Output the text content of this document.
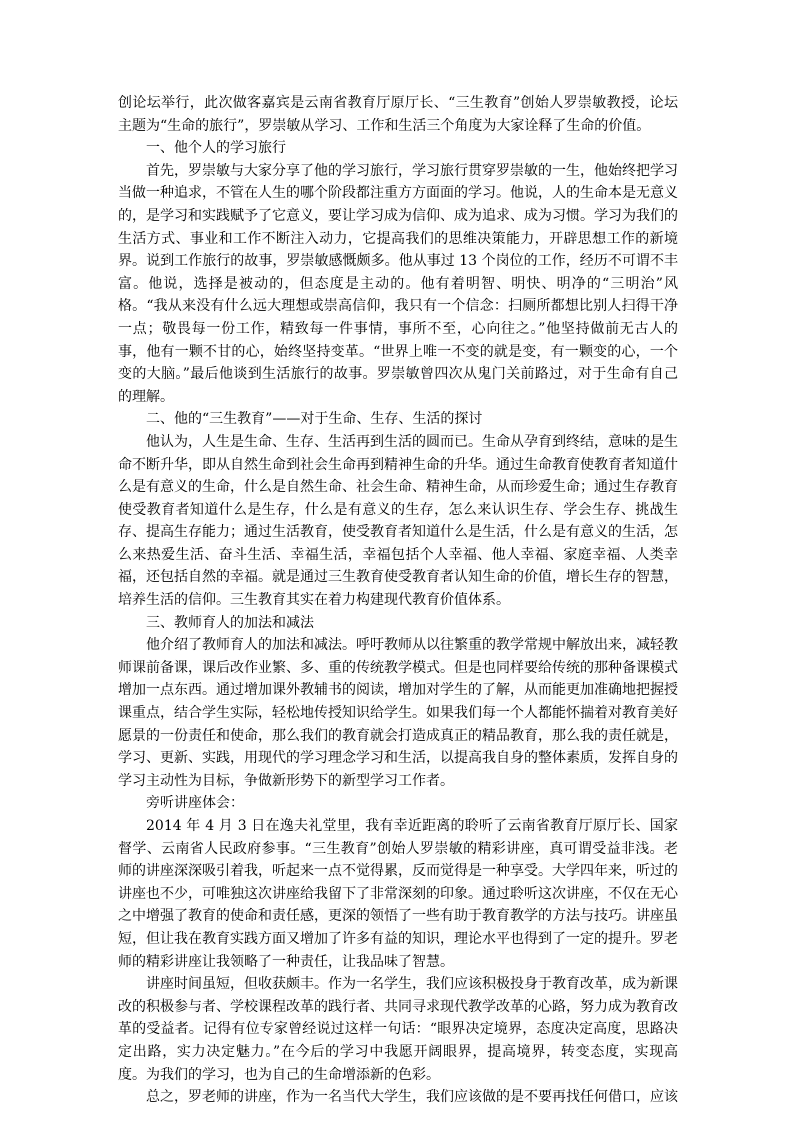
创论坛举行，此次做客嘉宾是云南省教育厅原厅长、“三生教育”创始人罗崇敏教授，论坛主题为“生命的旅行”，罗崇敏从学习、工作和生活三个角度为大家诠释了生命的价值。

一、他个人的学习旅行

首先，罗崇敏与大家分享了他的学习旅行，学习旅行贯穿罗崇敏的一生，他始终把学习当做一种追求，不管在人生的哪个阶段都注重方方面面的学习。他说，人的生命本是无意义的，是学习和实践赋予了它意义，要让学习成为信仰、成为追求、成为习惯。学习为我们的生活方式、事业和工作不断注入动力，它提高我们的思维决策能力，开辟思想工作的新境界。说到工作旅行的故事，罗崇敏感慨颇多。他从事过 13 个岗位的工作，经历不可谓不丰富。他说，选择是被动的，但态度是主动的。他有着明智、明快、明净的“三明治”风格。“我从来没有什么远大理想或崇高信仰，我只有一个信念：扫厕所都想比别人扫得干净一点；敬畏每一份工作，精致每一件事情，事所不至，心向往之。”他坚持做前无古人的事，他有一颗不甘的心，始终坚持变革。“世界上唯一不变的就是变，有一颗变的心，一个变的大脑。”最后他谈到生活旅行的故事。罗崇敏曾四次从鬼门关前路过，对于生命有自己的理解。

二、他的“三生教育”——对于生命、生存、生活的探讨

他认为，人生是生命、生存、生活再到生活的圆而已。生命从孕育到终结，意味的是生命不断升华，即从自然生命到社会生命再到精神生命的升华。通过生命教育使教育者知道什么是有意义的生命，什么是自然生命、社会生命、精神生命，从而珍爱生命；通过生存教育使受教育者知道什么是生存，什么是有意义的生存，怎么来认识生存、学会生存、挑战生存、提高生存能力；通过生活教育，使受教育者知道什么是生活，什么是有意义的生活，怎么来热爱生活、奋斗生活、幸福生活，幸福包括个人幸福、他人幸福、家庭幸福、人类幸福，还包括自然的幸福。就是通过三生教育使受教育者认知生命的价值，增长生存的智慧，培养生活的信仰。三生教育其实在着力构建现代教育价值体系。

三、教师育人的加法和减法

他介绍了教师育人的加法和减法。呼吁教师从以往繁重的教学常规中解放出来，减轻教师课前备课，课后改作业繁、多、重的传统教学模式。但是也同样要给传统的那种备课模式增加一点东西。通过增加课外教辅书的阅读，增加对学生的了解，从而能更加准确地把握授课重点，结合学生实际，轻松地传授知识给学生。如果我们每一个人都能怀揣着对教育美好愿景的一份责任和使命，那么我们的教育就会打造成真正的精品教育，那么我的责任就是，学习、更新、实践，用现代的学习理念学习和生活，以提高我自身的整体素质，发挥自身的学习主动性为目标，争做新形势下的新型学习工作者。

旁听讲座体会：

2014 年 4 月 3 日在逸夫礼堂里，我有幸近距离的聆听了云南省教育厅原厅长、国家督学、云南省人民政府参事。“三生教育”创始人罗崇敏的精彩讲座，真可谓受益非浅。老师的讲座深深吸引着我，听起来一点不觉得累，反而觉得是一种享受。大学四年来，听过的讲座也不少，可唯独这次讲座给我留下了非常深刻的印象。通过聆听这次讲座，不仅在无心之中增强了教育的使命和责任感，更深的领悟了一些有助于教育教学的方法与技巧。讲座虽短，但让我在教育实践方面又增加了许多有益的知识，理论水平也得到了一定的提升。罗老师的精彩讲座让我领略了一种责任，让我品味了智慧。

讲座时间虽短，但收获颇丰。作为一名学生，我们应该积极投身于教育改革，成为新课改的积极参与者、学校课程改革的践行者、共同寻求现代教学改革的心路，努力成为教育改革的受益者。记得有位专家曾经说过这样一句话：“眼界决定境界，态度决定高度，思路决定出路，实力决定魅力。”在今后的学习中我愿开阔眼界，提高境界，转变态度，实现高度。为我们的学习，也为自己的生命增添新的色彩。

总之，罗老师的讲座，作为一名当代大学生，我们应该做的是不要再找任何借口，应该
